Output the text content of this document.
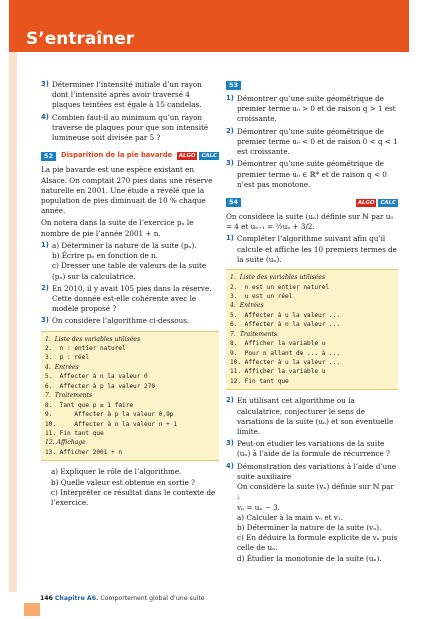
S’entraîner
3) Déterminer l’intensité initiale d’un rayon dont l’intensité après avoir traversé 4 plaques teintées est égale à 15 candelas.
4) Combien faut-il au minimum qu’un rayon traverse de plaques pour que son intensité lumineuse soit divisée par 5 ?
52	Disparition de la pie bavarde	ALGO	CALC
La pie bavarde est une espèce existant en Alsace. On comptait 270 pies dans une réserve naturelle en 2001. Une étude a révélé que la population de pies diminuait de 10 % chaque année.
On notera dans la suite de l’exercice pₙ le nombre de pie l’année 2001 + n.
1) a) Déterminer la nature de la suite (pₙ).
b) Écrire pₙ en fonction de n.
c) Dresser une table de valeurs de la suite (pₙ) sur la calculatrice.
2) En 2010, il y avait 105 pies dans la réserve. Cette donnée est-elle cohérente avec le modèle proposé ?
3) On considère l’algorithme ci-dessous.
1.  Liste des variables utilisées
2.  n : entier naturel
3.  p : réel
4.  Entrées
5.  Affecter à n la valeur 0
6.  Affecter à p la valeur 270
7.  Traitements
8.  Tant que p ≥ 1 faire
9.      Affecter à p la valeur 0,9p
10.     Affecter à n la valeur n + 1
11. Fin tant que
12. Affichage
13. Afficher 2001 + n
a) Expliquer le rôle de l’algorithme.
b) Quelle valeur est obtenue en sortie ?
c) Interpréter ce résultat dans le contexte de l’exercice.
53
1) Démontrer qu’une suite géométrique de premier terme u₀ > 0 et de raison q > 1 est croissante.
2) Démontrer qu’une suite géométrique de premier terme u₀ < 0 et de raison 0 < q < 1 est croissante.
3) Démontrer qu’une suite géométrique de premier terme u₀ ∈ ℝ* et de raison q < 0 n’est pas monotone.
54	ALGO	CALC
On considère la suite (uₙ) définie sur ℕ par u₀ = 4 et uₙ₊₁ = ½uₙ + 3/2.
1) Compléter l’algorithme suivant afin qu’il calcule et affiche les 10 premiers termes de la suite (uₙ).
1.  Liste des variables utilisées
2.  n est un entier naturel
3.  u est un réel
4.  Entrées
5.  Affecter à u la valeur ...
6.  Affecter à n la valeur ...
7.  Traitements
8.  Afficher la variable u
9.  Pour n allant de ... à ...
10. Affecter à u la valeur ...
11. Afficher la variable u
12. Fin tant que
2) En utilisant cet algorithme ou la calculatrice, conjecturer le sens de variations de la suite (uₙ) et son éventuelle limite.
3) Peut-on étudier les variations de la suite (uₙ) à l’aide de la formule de récurrence ?
4) Démonstration des variations à l’aide d’une suite auxiliaire
On considère la suite (vₙ) définie sur ℕ par :
vₙ = uₙ − 3.
a) Calculer à la main v₀ et v₁.
b) Déterminer la nature de la suite (vₙ).
c) En déduire la formule explicite de vₙ puis celle de uₙ.
d) Étudier la monotonie de la suite (uₙ).
146 Chapitre A6. Comportement global d’une suite
